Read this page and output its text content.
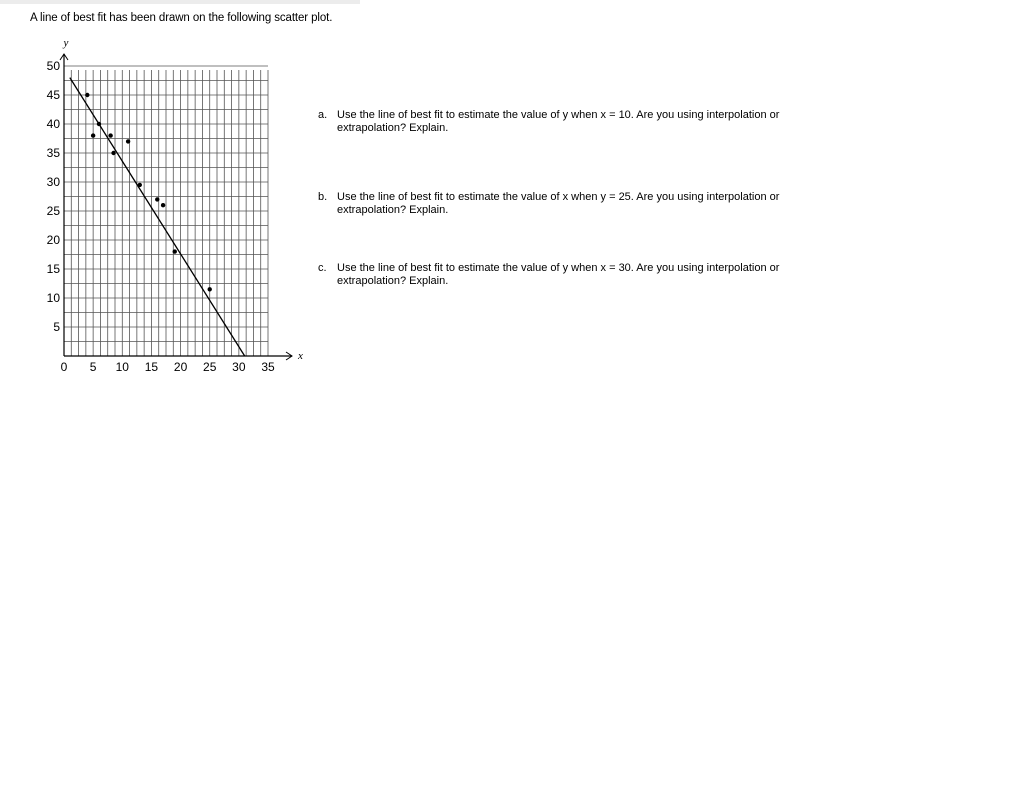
A line of best fit has been drawn on the following scatter plot.
y
x
0 5 10 15 20 25 30 35
5
10
15
20
25
30
35
40
45
50
a. Use the line of best fit to estimate the value of y when x = 10. Are you using interpolation or extrapolation? Explain.
b. Use the line of best fit to estimate the value of x when y = 25. Are you using interpolation or extrapolation? Explain.
c. Use the line of best fit to estimate the value of y when x = 30. Are you using interpolation or extrapolation? Explain.
